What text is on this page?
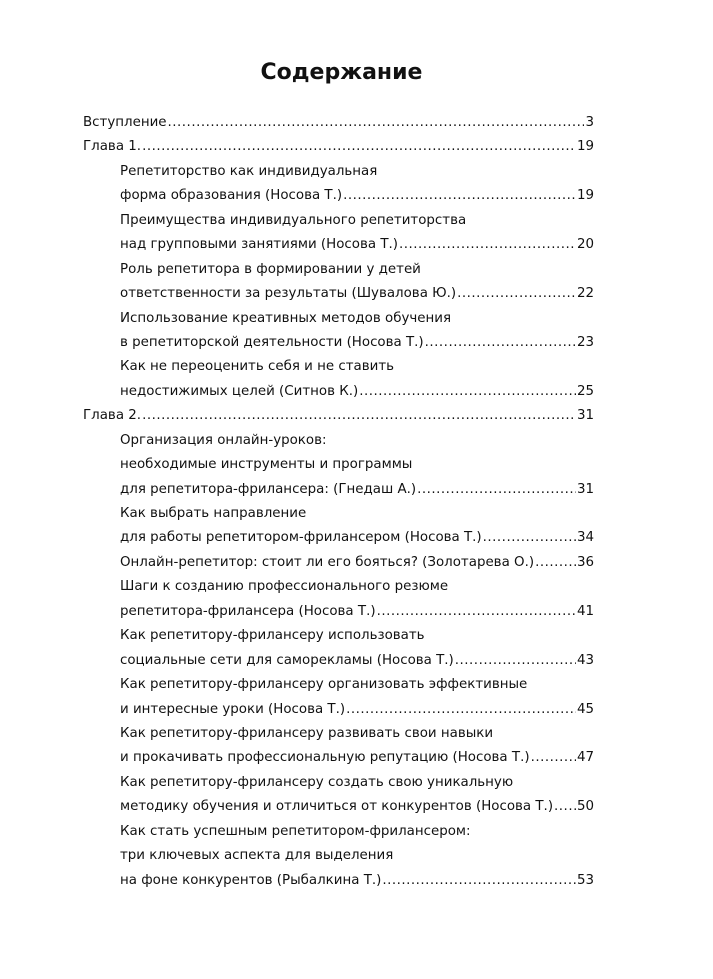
Содержание
Вступление .....	3
Глава 1. .....	19
Репетиторство как индивидуальная
форма образования (Носова Т.) .....	19
Преимущества индивидуального репетиторства
над групповыми занятиями (Носова Т.) .....	20
Роль репетитора в формировании у детей
ответственности за результаты (Шувалова Ю.) .....	22
Использование креативных методов обучения
в репетиторской деятельности (Носова Т.) .....	23
Как не переоценить себя и не ставить
недостижимых целей (Ситнов К.) .....	25
Глава 2. .....	31
Организация онлайн-уроков:
необходимые инструменты и программы
для репетитора-фрилансера: (Гнедаш А.) .....	31
Как выбрать направление
для работы репетитором-фрилансером (Носова Т.) .....	34
Онлайн-репетитор: стоит ли его бояться? (Золотарева О.) .....	36
Шаги к созданию профессионального резюме
репетитора-фрилансера (Носова Т.) .....	41
Как репетитору-фрилансеру использовать
социальные сети для саморекламы (Носова Т.) .....	43
Как репетитору-фрилансеру организовать эффективные
и интересные уроки (Носова Т.) .....	45
Как репетитору-фрилансеру развивать свои навыки
и прокачивать профессиональную репутацию (Носова Т.) .....	47
Как репетитору-фрилансеру создать свою уникальную
методику обучения и отличиться от конкурентов (Носова Т.) ..... 50
Как стать успешным репетитором-фрилансером:
три ключевых аспекта для выделения
на фоне конкурентов (Рыбалкина Т.) .....	53
